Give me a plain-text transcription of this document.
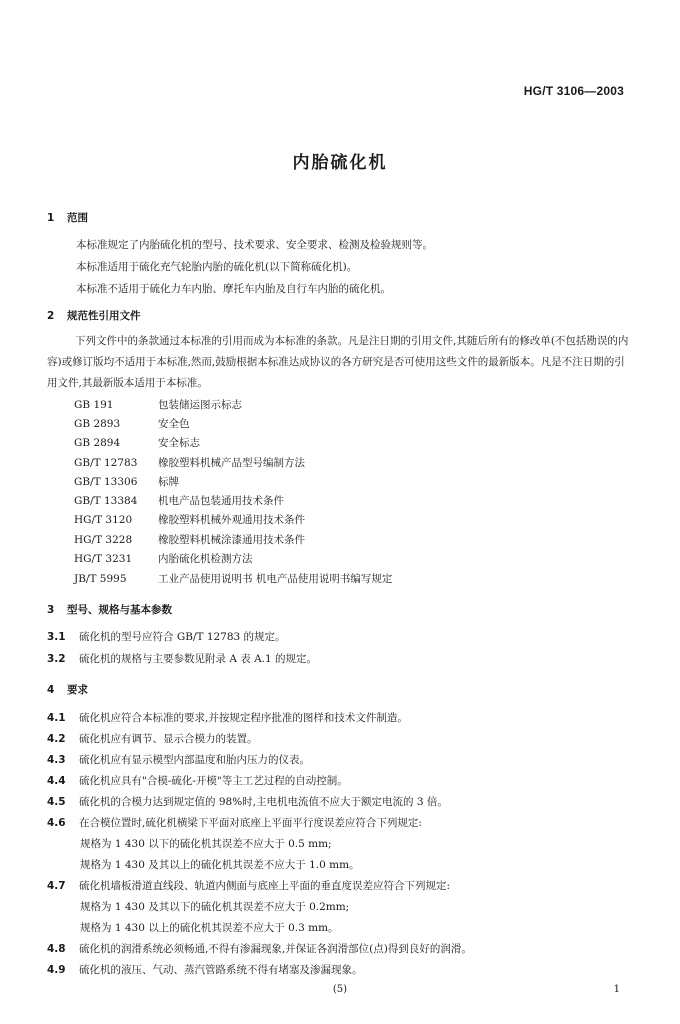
HG/T 3106—2003
内胎硫化机
1 范围
本标准规定了内胎硫化机的型号、技术要求、安全要求、检测及检验规则等。
本标准适用于硫化充气轮胎内胎的硫化机(以下简称硫化机)。
本标准不适用于硫化力车内胎、摩托车内胎及自行车内胎的硫化机。
2 规范性引用文件
下列文件中的条款通过本标准的引用而成为本标准的条款。凡是注日期的引用文件,其随后所有的修改单(不包括勘误的内容)或修订版均不适用于本标准,然而,鼓励根据本标准达成协议的各方研究是否可使用这些文件的最新版本。凡是不注日期的引用文件,其最新版本适用于本标准。
GB 191	包装储运图示标志
GB 2893	安全色
GB 2894	安全标志
GB/T 12783 橡胶塑料机械产品型号编制方法
GB/T 13306 标牌
GB/T 13384 机电产品包装通用技术条件
HG/T 3120 橡胶塑料机械外观通用技术条件
HG/T 3228 橡胶塑料机械涂漆通用技术条件
HG/T 3231 内胎硫化机检测方法
JB/T 5995	工业产品使用说明书 机电产品使用说明书编写规定
3 型号、规格与基本参数
3.1 硫化机的型号应符合 GB/T 12783 的规定。
3.2 硫化机的规格与主要参数见附录 A 表 A.1 的规定。
4 要求
4.1 硫化机应符合本标准的要求,并按规定程序批准的图样和技术文件制造。
4.2 硫化机应有调节、显示合模力的装置。
4.3 硫化机应有显示模型内部温度和胎内压力的仪表。
4.4 硫化机应具有"合模-硫化-开模"等主工艺过程的自动控制。
4.5 硫化机的合模力达到规定值的 98%时,主电机电流值不应大于额定电流的 3 倍。
4.6 在合模位置时,硫化机横梁下平面对底座上平面平行度误差应符合下列规定:
规格为 1 430 以下的硫化机其误差不应大于 0.5 mm;
规格为 1 430 及其以上的硫化机其误差不应大于 1.0 mm。
4.7 硫化机墙板滑道直线段、轨道内侧面与底座上平面的垂直度误差应符合下列规定:
规格为 1 430 及其以下的硫化机其误差不应大于 0.2mm;
规格为 1 430 以上的硫化机其误差不应大于 0.3 mm。
4.8 硫化机的润滑系统必须畅通,不得有渗漏现象,并保证各润滑部位(点)得到良好的润滑。
4.9 硫化机的液压、气动、蒸汽管路系统不得有堵塞及渗漏现象。
(5)	1
